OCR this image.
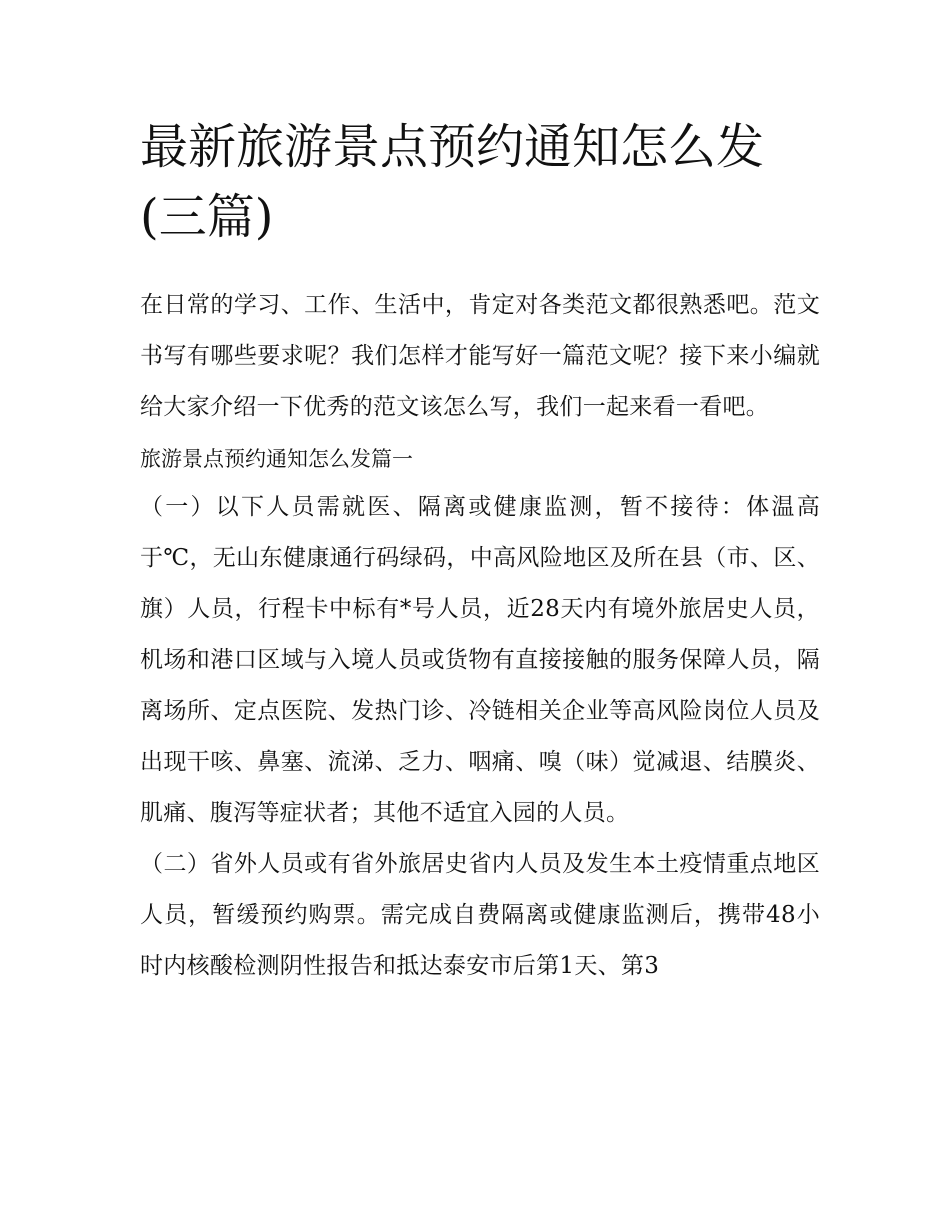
最新旅游景点预约通知怎么发(三篇)

在日常的学习、工作、生活中，肯定对各类范文都很熟悉吧。范文书写有哪些要求呢？我们怎样才能写好一篇范文呢？接下来小编就给大家介绍一下优秀的范文该怎么写，我们一起来看一看吧。

旅游景点预约通知怎么发篇一

（一）以下人员需就医、隔离或健康监测，暂不接待：体温高于℃，无山东健康通行码绿码，中高风险地区及所在县（市、区、旗）人员，行程卡中标有*号人员，近28天内有境外旅居史人员，机场和港口区域与入境人员或货物有直接接触的服务保障人员，隔离场所、定点医院、发热门诊、冷链相关企业等高风险岗位人员及出现干咳、鼻塞、流涕、乏力、咽痛、嗅（味）觉减退、结膜炎、肌痛、腹泻等症状者；其他不适宜入园的人员。

（二）省外人员或有省外旅居史省内人员及发生本土疫情重点地区人员，暂缓预约购票。需完成自费隔离或健康监测后，携带48小时内核酸检测阴性报告和抵达泰安市后第1天、第3
